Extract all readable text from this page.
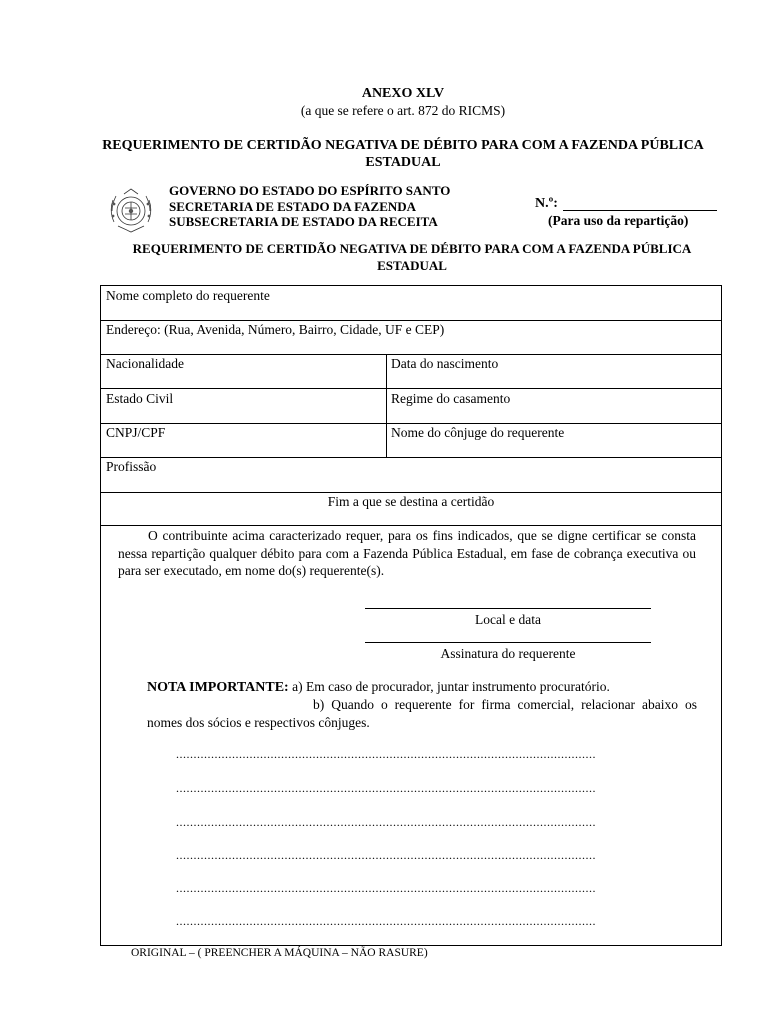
ANEXO XLV
(a que se refere o art. 872 do RICMS)
REQUERIMENTO DE CERTIDÃO NEGATIVA DE DÉBITO PARA COM A FAZENDA PÚBLICA ESTADUAL
GOVERNO DO ESTADO DO ESPÍRITO SANTO
SECRETARIA DE ESTADO DA FAZENDA
SUBSECRETARIA DE ESTADO DA RECEITA
N.º:
(Para uso da repartição)
REQUERIMENTO DE CERTIDÃO NEGATIVA DE DÉBITO PARA COM A FAZENDA PÚBLICA ESTADUAL
Nome completo do requerente
Endereço: (Rua, Avenida, Número, Bairro, Cidade, UF e CEP)
Nacionalidade	Data do nascimento
Estado Civil	Regime do casamento
CNPJ/CPF	Nome do cônjuge do requerente
Profissão
Fim a que se destina a certidão
O contribuinte acima caracterizado requer, para os fins indicados, que se digne certificar se consta nessa repartição qualquer débito para com a Fazenda Pública Estadual, em fase de cobrança executiva ou para ser executado, em nome do(s) requerente(s).
Local e data
Assinatura do requerente
NOTA IMPORTANTE: a) Em caso de procurador, juntar instrumento procuratório.
b) Quando o requerente for firma comercial, relacionar abaixo os nomes dos sócios e respectivos cônjuges.
........................................................................................................................
........................................................................................................................
........................................................................................................................
........................................................................................................................
........................................................................................................................
........................................................................................................................
ORIGINAL – ( PREENCHER A MÁQUINA – NÃO RASURE)
